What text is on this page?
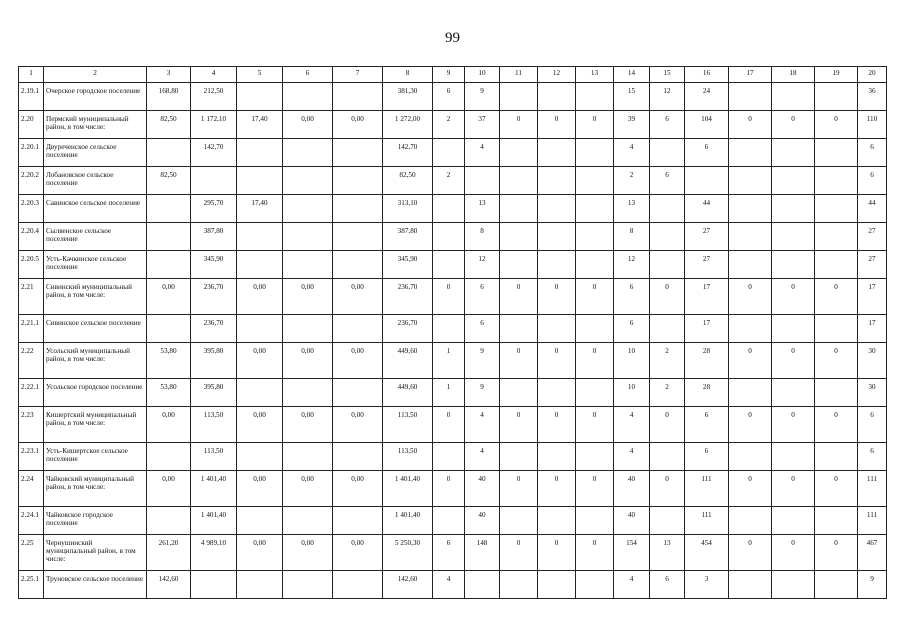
99
1	2	3	4	5	6	7	8	9	10	11	12	13	14	15	16	17	18	19	20
2.19.1	Очерское городское поселение	168,80	212,50				381,30	6	9				15	12	24				36
2.20	Пермский муниципальный район, в том числе:	82,50	1 172,10	17,40	0,00	0,00	1 272,00	2	37	0	0	0	39	6	104	0	0	0	110
2.20.1	Двуреченское сельское поселение		142,70				142,70		4				4		6				6
2.20.2	Лобановское сельское поселение	82,50					82,50	2					2	6					6
2.20.3	Савинское сельское поселение		295,70	17,40			313,10		13				13		44				44
2.20.4	Сылвенское сельское поселение		387,80				387,80		8				8		27				27
2.20.5	Усть-Качкинское сельское поселение		345,90				345,90		12				12		27				27
2.21	Сивинский муниципальный район, в том числе:	0,00	236,70	0,00	0,00	0,00	236,70	0	6	0	0	0	6	0	17	0	0	0	17
2.21.1	Сивинское сельское поселение		236,70				236,70		6				6		17				17
2.22	Усольский муниципальный район, в том числе:	53,80	395,80	0,00	0,00	0,00	449,60	1	9	0	0	0	10	2	28	0	0	0	30
2.22.1	Усольское городское поселение	53,80	395,80				449,60	1	9				10	2	28				30
2.23	Кишертский муниципальный район, в том числе:	0,00	113,50	0,00	0,00	0,00	113,50	0	4	0	0	0	4	0	6	0	0	0	6
2.23.1	Усть-Кишертское сельское поселение		113,50				113,50		4				4		6				6
2.24	Чайковский муниципальный район, в том числе:	0,00	1 401,40	0,00	0,00	0,00	1 401,40	0	40	0	0	0	40	0	111	0	0	0	111
2.24.1	Чайковское городское поселение		1 401,40				1 401,40		40				40		111				111
2.25	Чернушинский муниципальный район, в том числе:	261,20	4 989,10	0,00	0,00	0,00	5 250,30	6	148	0	0	0	154	13	454	0	0	0	467
2.25.1	Труновское сельское поселение	142,60					142,60	4					4	6	3				9
